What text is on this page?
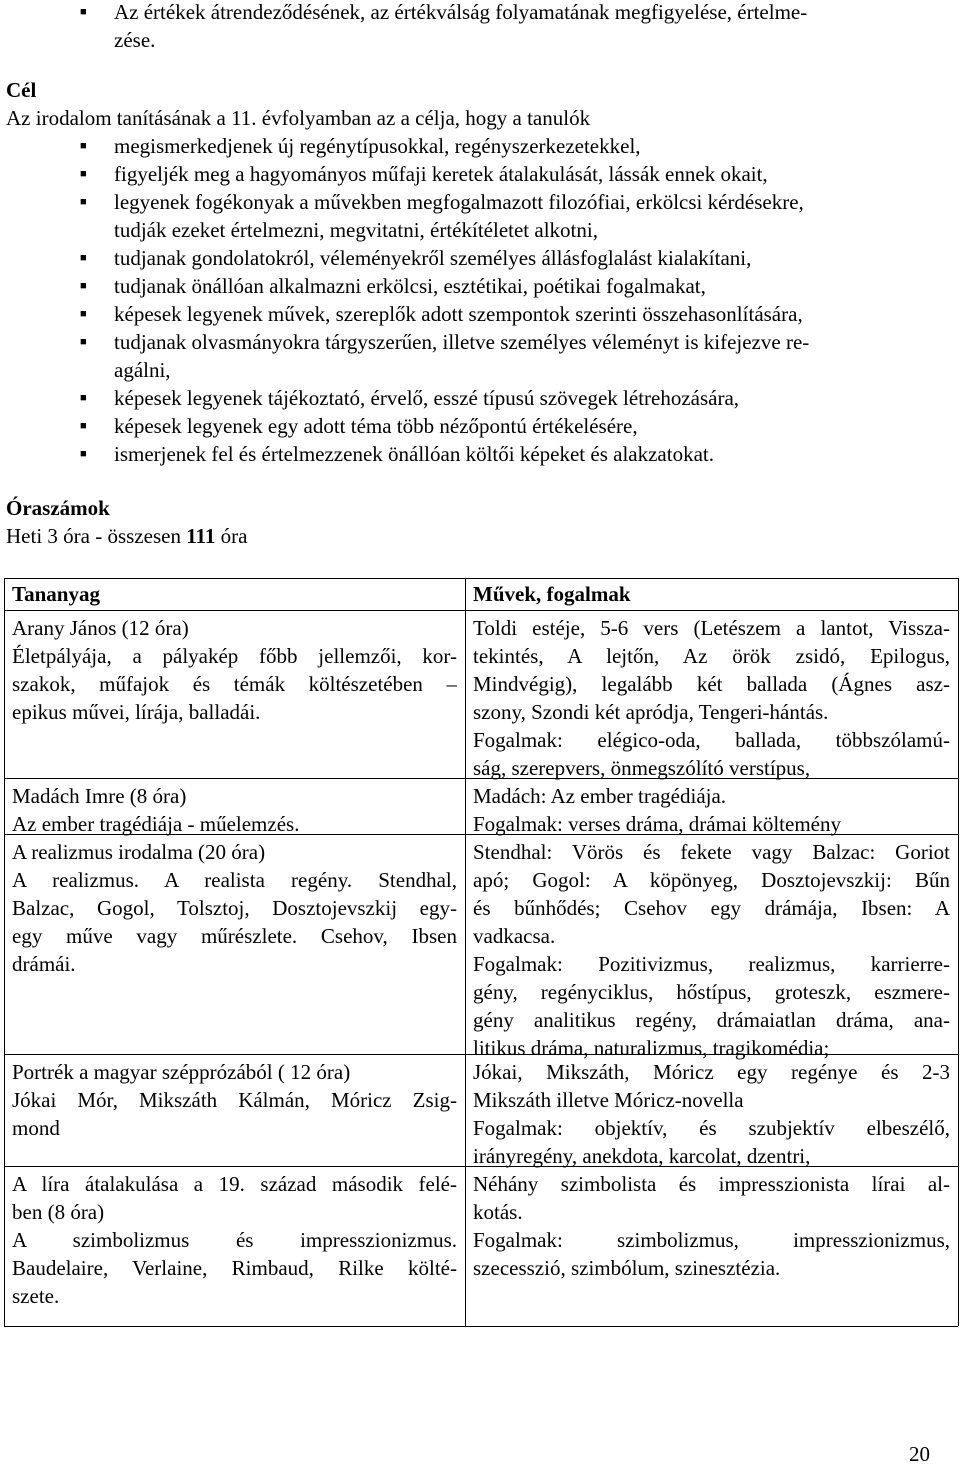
■ Az értékek átrendeződésének, az értékválság folyamatának megfigyelése, értelme-
zése.
Cél
Az irodalom tanításának a 11. évfolyamban az a célja, hogy a tanulók
■ megismerkedjenek új regénytípusokkal, regényszerkezetekkel,
■ figyeljék meg a hagyományos műfaji keretek átalakulását, lássák ennek okait,
■ legyenek fogékonyak a művekben megfogalmazott filozófiai, erkölcsi kérdésekre,
tudják ezeket értelmezni, megvitatni, értékítéletet alkotni,
■ tudjanak gondolatokról, véleményekről személyes állásfoglalást kialakítani,
■ tudjanak önállóan alkalmazni erkölcsi, esztétikai, poétikai fogalmakat,
■ képesek legyenek művek, szereplők adott szempontok szerinti összehasonlítására,
■ tudjanak olvasmányokra tárgyszerűen, illetve személyes véleményt is kifejezve re-
agálni,
■ képesek legyenek tájékoztató, érvelő, esszé típusú szövegek létrehozására,
■ képesek legyenek egy adott téma több nézőpontú értékelésére,
■ ismerjenek fel és értelmezzenek önállóan költői képeket és alakzatokat.
Óraszámok
Heti 3 óra - összesen 111 óra
Tananyag	Művek, fogalmak
Arany János (12 óra)
Életpályája, a pályakép főbb jellemzői, kor-
szakok, műfajok és témák költészetében –
epikus művei, lírája, balladái.
Toldi estéje, 5-6 vers (Letészem a lantot, Vissza-
tekintés, A lejtőn, Az örök zsidó, Epilogus,
Mindvégig), legalább két ballada (Ágnes asz-
szony, Szondi két apródja, Tengeri-hántás.
Fogalmak: elégico-oda, ballada, többszólamú-
ság, szerepvers, önmegszólító verstípus,
Madách Imre (8 óra)
Az ember tragédiája - műelemzés.
Madách: Az ember tragédiája.
Fogalmak: verses dráma, drámai költemény
A realizmus irodalma (20 óra)
A realizmus. A realista regény. Stendhal,
Balzac, Gogol, Tolsztoj, Dosztojevszkij egy-
egy műve vagy műrészlete. Csehov, Ibsen
drámái.
Stendhal: Vörös és fekete vagy Balzac: Goriot
apó; Gogol: A köpönyeg, Dosztojevszkij: Bűn
és bűnhődés; Csehov egy drámája, Ibsen: A
vadkacsa.
Fogalmak: Pozitivizmus, realizmus, karrierre-
gény, regényciklus, hőstípus, groteszk, eszmere-
gény analitikus regény, drámaiatlan dráma, ana-
litikus dráma, naturalizmus, tragikomédia;
Portrék a magyar szépprózából ( 12 óra)
Jókai Mór, Mikszáth Kálmán, Móricz Zsig-
mond
Jókai, Mikszáth, Móricz egy regénye és 2-3
Mikszáth illetve Móricz-novella
Fogalmak: objektív, és szubjektív elbeszélő,
irányregény, anekdota, karcolat, dzentri,
A líra átalakulása a 19. század második felé-
ben (8 óra)
A szimbolizmus és impresszionizmus.
Baudelaire, Verlaine, Rimbaud, Rilke költé-
szete.
Néhány szimbolista és impresszionista lírai al-
kotás.
Fogalmak: szimbolizmus, impresszionizmus,
szecesszió, szimbólum, szinesztézia.
20
